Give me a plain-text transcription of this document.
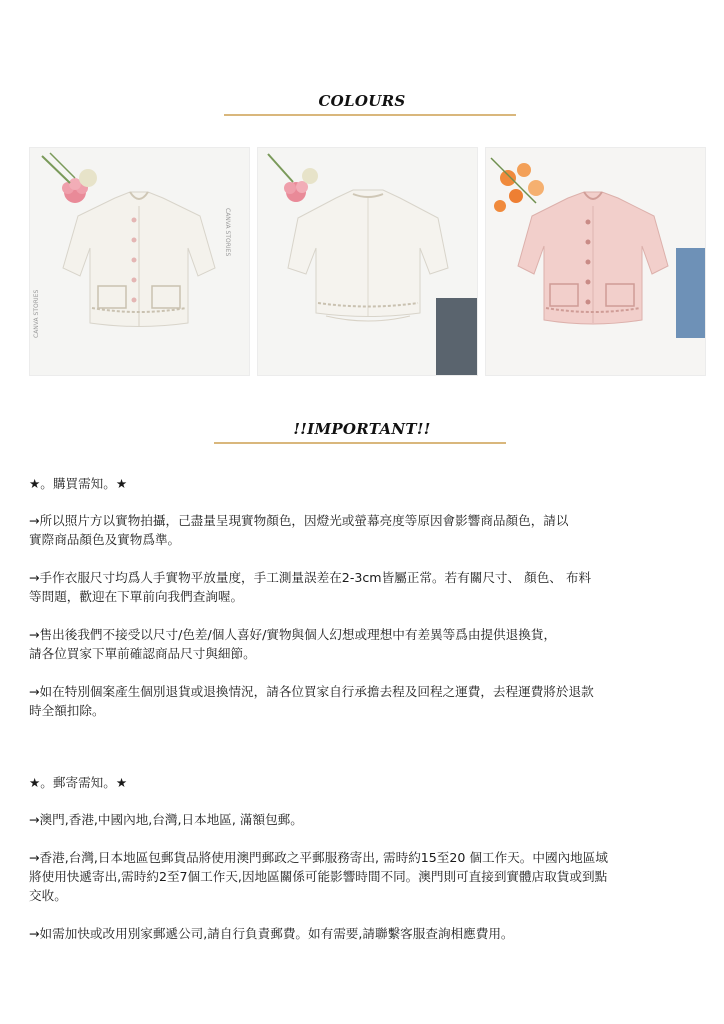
COLOURS
CANVA STORIES
CANVA STORIES
!!IMPORTANT!!

★。購買需知。★

→所以照片方以實物拍攝，己盡量呈現實物顏色，因燈光或螢幕亮度等原因會影響商品顏色，請以
實際商品顏色及實物爲準。

→手作衣服尺寸均爲人手實物平放量度，手工測量誤差在2-3cm皆屬正常。若有關尺寸、 顏色、 布料
等問題，歡迎在下單前向我們查詢喔。

→售出後我們不接受以尺寸/色差/個人喜好/實物與個人幻想或理想中有差異等爲由提供退換貨，
請各位買家下單前確認商品尺寸與細節。

→如在特別個案產生個別退貨或退換情況，請各位買家自行承擔去程及回程之運費，去程運費將於退款
時全額扣除。

★。郵寄需知。★

→澳門,香港,中國內地,台灣,日本地區, 滿額包郵。

→香港,台灣,日本地區包郵貨品將使用澳門郵政之平郵服務寄出, 需時約15至20 個工作天。中國內地區域
將使用快遞寄出,需時約2至7個工作天,因地區關係可能影響時間不同。澳門則可直接到實體店取貨或到點
交收。

→如需加快或改用別家郵遞公司,請自行負責郵費。如有需要,請聯繫客服查詢相應費用。
